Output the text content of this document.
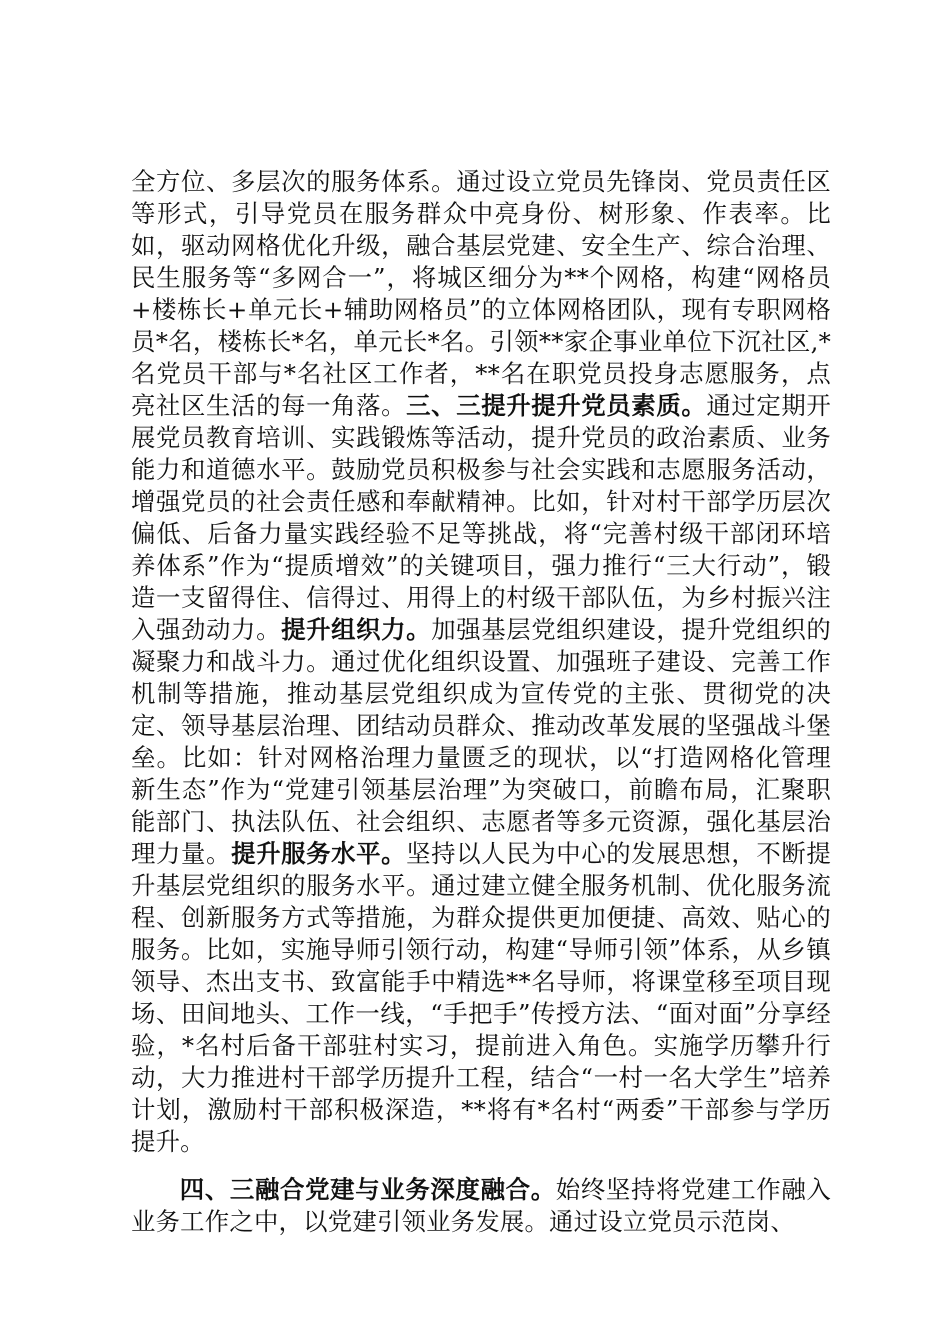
全方位、多层次的服务体系。通过设立党员先锋岗、党员责任区等形式，引导党员在服务群众中亮身份、树形象、作表率。比如，驱动网格优化升级，融合基层党建、安全生产、综合治理、民生服务等“多网合一”，将城区细分为**个网格，构建“网格员+楼栋长+单元长+辅助网格员”的立体网格团队，现有专职网格员*名，楼栋长*名，单元长*名。引领**家企事业单位下沉社区,*名党员干部与*名社区工作者，**名在职党员投身志愿服务，点亮社区生活的每一角落。三、三提升提升党员素质。通过定期开展党员教育培训、实践锻炼等活动，提升党员的政治素质、业务能力和道德水平。鼓励党员积极参与社会实践和志愿服务活动，增强党员的社会责任感和奉献精神。比如，针对村干部学历层次偏低、后备力量实践经验不足等挑战，将“完善村级干部闭环培养体系”作为“提质增效”的关键项目，强力推行“三大行动”，锻造一支留得住、信得过、用得上的村级干部队伍，为乡村振兴注入强劲动力。提升组织力。加强基层党组织建设，提升党组织的凝聚力和战斗力。通过优化组织设置、加强班子建设、完善工作机制等措施，推动基层党组织成为宣传党的主张、贯彻党的决定、领导基层治理、团结动员群众、推动改革发展的坚强战斗堡垒。比如：针对网格治理力量匮乏的现状，以“打造网格化管理新生态”作为“党建引领基层治理”为突破口，前瞻布局，汇聚职能部门、执法队伍、社会组织、志愿者等多元资源，强化基层治理力量。提升服务水平。坚持以人民为中心的发展思想，不断提升基层党组织的服务水平。通过建立健全服务机制、优化服务流程、创新服务方式等措施，为群众提供更加便捷、高效、贴心的服务。比如，实施导师引领行动，构建“导师引领”体系，从乡镇领导、杰出支书、致富能手中精选**名导师，将课堂移至项目现场、田间地头、工作一线，“手把手”传授方法、“面对面”分享经验，*名村后备干部驻村实习，提前进入角色。实施学历攀升行动，大力推进村干部学历提升工程，结合“一村一名大学生”培养计划，激励村干部积极深造，**将有*名村“两委”干部参与学历提升。

四、三融合党建与业务深度融合。始终坚持将党建工作融入业务工作之中，以党建引领业务发展。通过设立党员示范岗、
